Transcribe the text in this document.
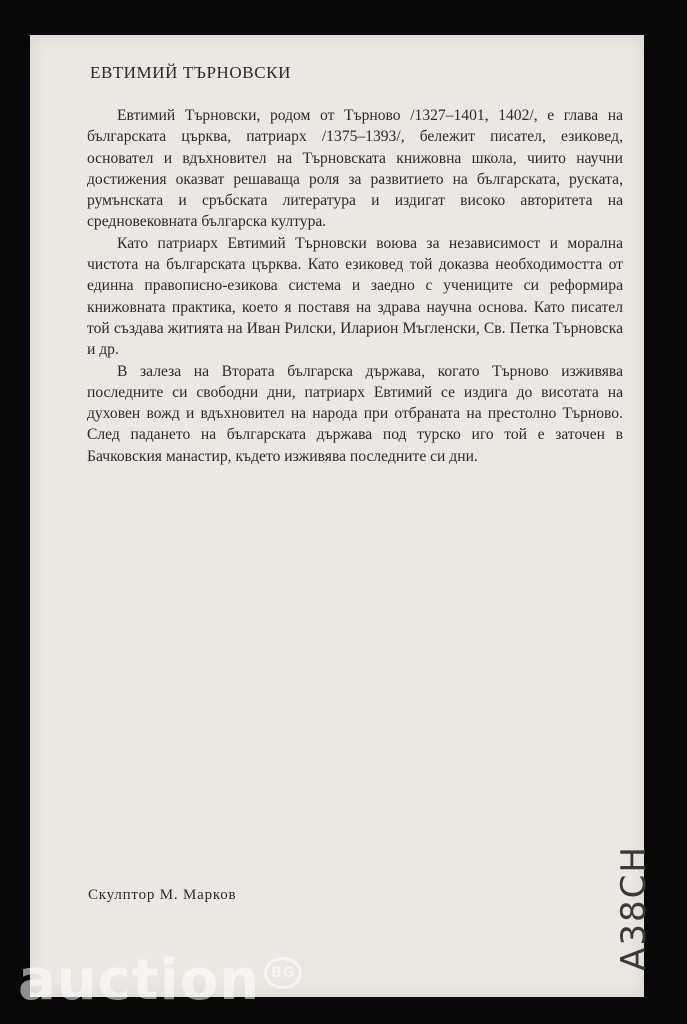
ЕВТИМИЙ ТЪРНОВСКИ

Евтимий Търновски, родом от Търново /1327–1401, 1402/, е глава на българската църква, патриарх /1375–1393/, бележит писател, езиковед, основател и вдъхновител на Търновската книжовна школа, чиито научни достижения оказват решаваща роля за развитието на българската, руската, румънската и сръбската литература и издигат високо авторитета на средновековната българска култура.

Като патриарх Евтимий Търновски воюва за независимост и морална чистота на българската църква. Като езиковед той доказва необходимостта от единна правописно-езикова система и заедно с учениците си реформира книжовната практика, което я поставя на здрава научна основа. Като писател той създава житията на Иван Рилски, Иларион Мъгленски, Св. Петка Търновска и др.

В залеза на Втората българска държава, когато Търново изживява последните си свободни дни, патриарх Евтимий се издига до висотата на духовен вожд и вдъхновител на народа при отбраната на престолно Търново. След падането на българската държава под турско иго той е заточен в Бачковския манастир, където изживява последните си дни.

Скулптор М. Марков	А38СН
auction BG
